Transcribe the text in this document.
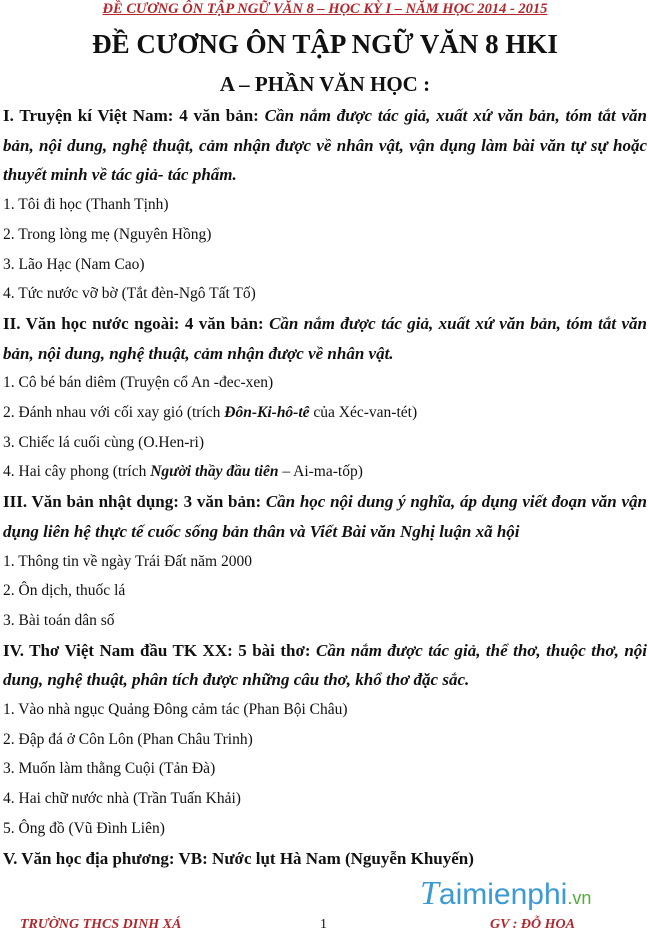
ĐỀ CƯƠNG ÔN TẬP NGỮ VĂN 8 – HỌC KỲ I – NĂM HỌC 2014 - 2015
ĐỀ CƯƠNG ÔN TẬP NGỮ VĂN 8 HKI
A – PHẦN VĂN HỌC :

I. Truyện kí Việt Nam: 4 văn bản: Cần nắm được tác giả, xuất xứ văn bản, tóm tắt văn bản, nội dung, nghệ thuật, cảm nhận được về nhân vật, vận dụng làm bài văn tự sự hoặc thuyết minh về tác giả- tác phẩm.

1. Tôi đi học (Thanh Tịnh)

2. Trong lòng mẹ (Nguyên Hồng)

3. Lão Hạc (Nam Cao)

4. Tức nước vỡ bờ (Tắt đèn-Ngô Tất Tố)

II. Văn học nước ngoài: 4 văn bản: Cần nắm được tác giả, xuất xứ văn bản, tóm tắt văn bản, nội dung, nghệ thuật, cảm nhận được về nhân vật.

1. Cô bé bán diêm (Truyện cổ An -đec-xen)

2. Đánh nhau với cối xay gió (trích Đôn-Ki-hô-tê của Xéc-van-tét)

3. Chiếc lá cuối cùng (O.Hen-ri)

4. Hai cây phong (trích Người thầy đầu tiên – Ai-ma-tốp)

III. Văn bản nhật dụng: 3 văn bản: Cần học nội dung ý nghĩa, áp dụng viết đoạn văn vận dụng liên hệ thực tế cuốc sống bản thân và Viết Bài văn Nghị luận xã hội

1. Thông tin về ngày Trái Đất năm 2000

2. Ôn dịch, thuốc lá

3. Bài toán dân số

IV. Thơ Việt Nam đầu TK XX: 5 bài thơ: Cần nắm được tác giả, thể thơ, thuộc thơ, nội dung, nghệ thuật, phân tích được những câu thơ, khổ thơ đặc sắc.

1. Vào nhà ngục Quảng Đông cảm tác (Phan Bội Châu)

2. Đập đá ở Côn Lôn (Phan Châu Trinh)

3. Muốn làm thằng Cuội (Tản Đà)

4. Hai chữ nước nhà (Trần Tuấn Khải)

5. Ông đồ (Vũ Đình Liên)

V. Văn học địa phương: VB: Nước lụt Hà Nam (Nguyễn Khuyến)

Taimienphi.vn
TRƯỜNG THCS DINH XÁ	1	GV : ĐỖ HOA
